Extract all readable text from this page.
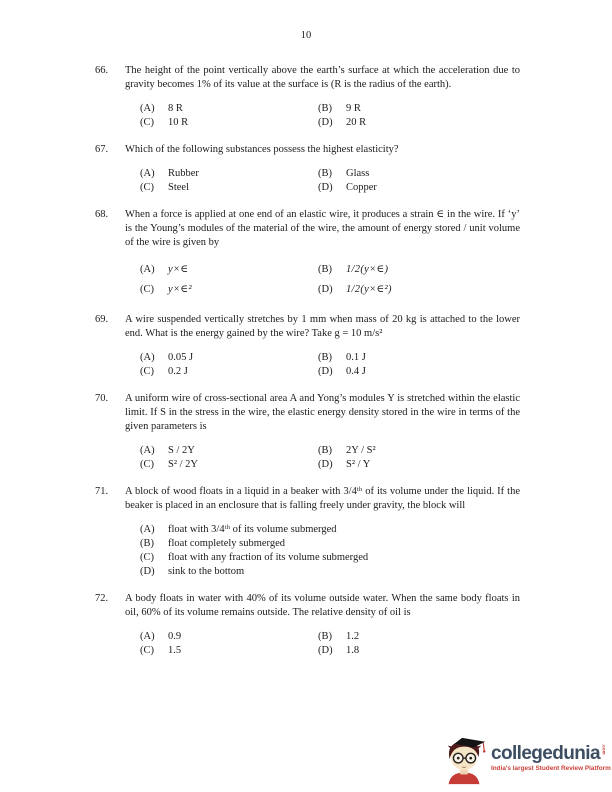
10
66.	The height of the point vertically above the earth’s surface at which the acceleration due to gravity becomes 1% of its value at the surface is (R is the radius of the earth).
(A)	8 R	(B)	9 R
(C)	10 R	(D)	20 R
67.	Which of the following substances possess the highest elasticity?
(A)	Rubber	(B)	Glass
(C)	Steel	(D)	Copper
68.	When a force is applied at one end of an elastic wire, it produces a strain ∈ in the wire. If ‘y’ is the Young’s modules of the material of the wire, the amount of energy stored / unit volume of the wire is given by
(A)	y×∈	(B)	1/2(y×∈)
(C)	y×∈²	(D)	1/2(y×∈²)
69.	A wire suspended vertically stretches by 1 mm when mass of 20 kg is attached to the lower end. What is the energy gained by the wire? Take g = 10 m/s²
(A)	0.05 J	(B)	0.1 J
(C)	0.2 J	(D)	0.4 J
70.	A uniform wire of cross-sectional area A and Yong’s modules Y is stretched within the elastic limit. If S in the stress in the wire, the elastic energy density stored in the wire in terms of the given parameters is
(A)	S / 2Y	(B)	2Y / S²
(C)	S² / 2Y	(D)	S² / Y
71.	A block of wood floats in a liquid in a beaker with 3/4ᵗʰ of its volume under the liquid. If the beaker is placed in an enclosure that is falling freely under gravity, the block will
(A)	float with 3/4ᵗʰ of its volume submerged
(B)	float completely submerged
(C)	float with any fraction of its volume submerged
(D)	sink to the bottom
72.	A body floats in water with 40% of its volume outside water. When the same body floats in oil, 60% of its volume remains outside. The relative density of oil is
(A)	0.9	(B)	1.2
(C)	1.5	(D)	1.8
collegedunia .com
India's largest Student Review Platform
